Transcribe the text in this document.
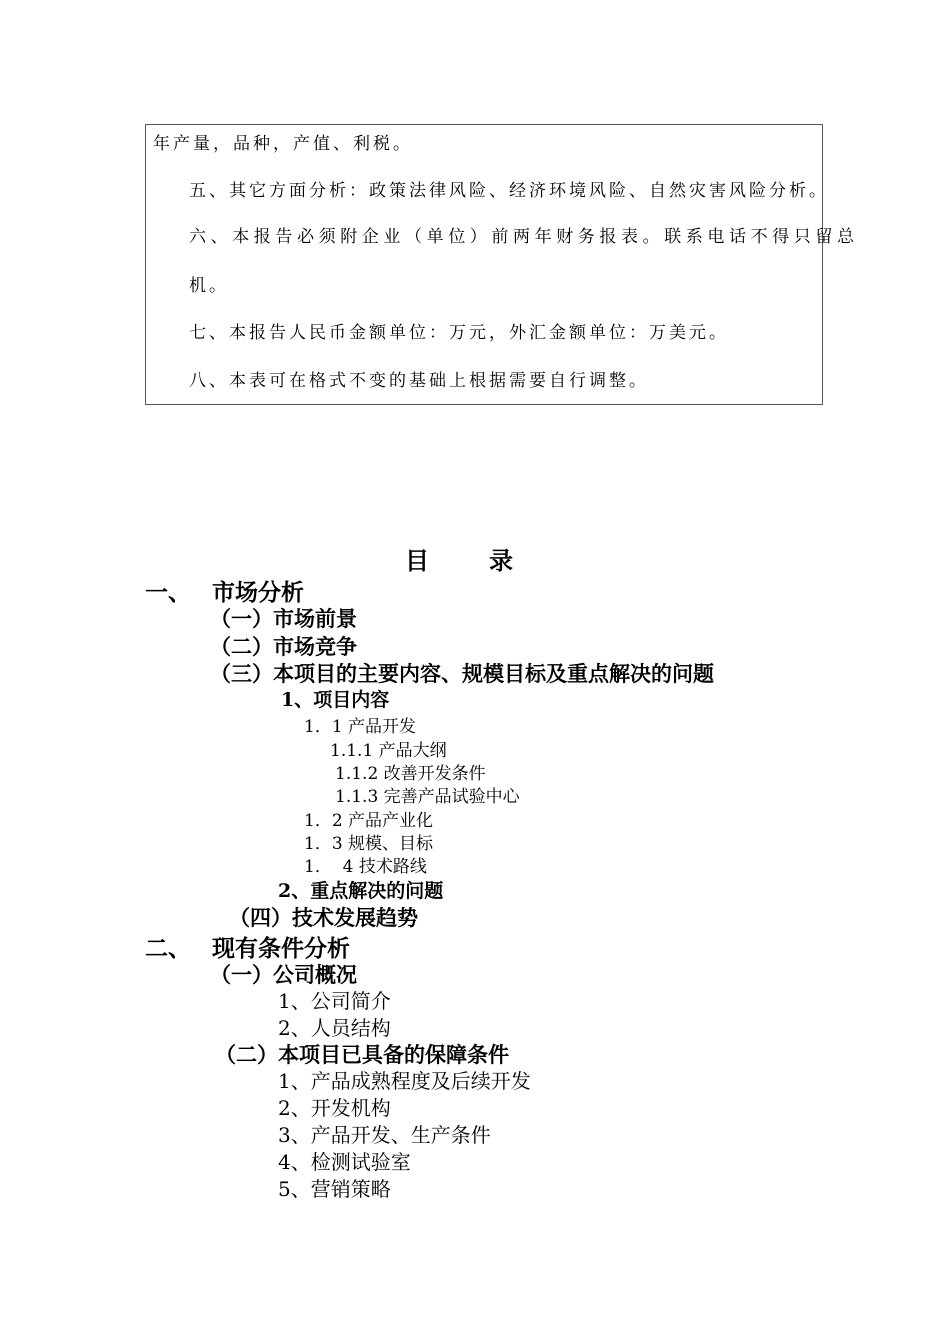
年产量，品种，产值、利税。
五、其它方面分析：政策法律风险、经济环境风险、自然灾害风险分析。
六、本报告必须附企业（单位）前两年财务报表。联系电话不得只留总
机。
七、本报告人民币金额单位：万元，外汇金额单位：万美元。
八、本表可在格式不变的基础上根据需要自行调整。
目录
一、 市场分析
（一）市场前景
（二）市场竞争
（三）本项目的主要内容、规模目标及重点解决的问题
1、项目内容
1．1 产品开发
1.1.1 产品大纲
1.1.2 改善开发条件
1.1.3 完善产品试验中心
1．2 产品产业化
1．3 规模、目标
1．  4 技术路线
2、重点解决的问题
（四）技术发展趋势
二、 现有条件分析
（一）公司概况
1、公司简介
2、人员结构
（二）本项目已具备的保障条件
1、产品成熟程度及后续开发
2、开发机构
3、产品开发、生产条件
4、检测试验室
5、营销策略
